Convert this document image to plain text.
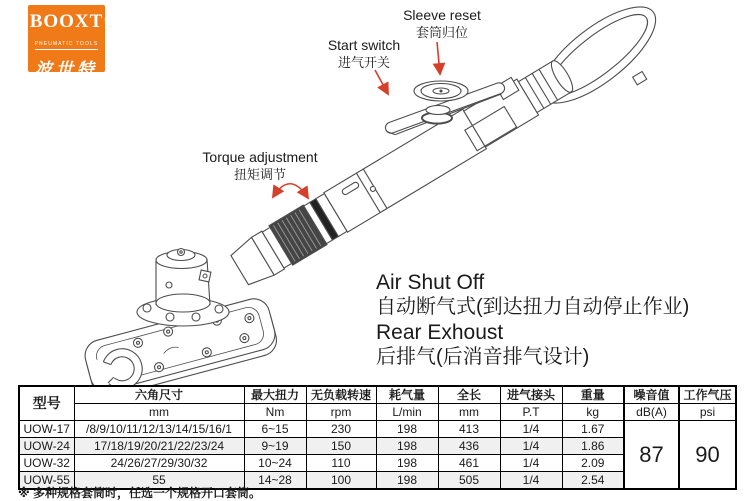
BOOXT ®
PNEUMATIC TOOLS
波世特
Sleeve reset
套筒归位
Start switch
进气开关
Torque adjustment
扭矩调节
Air Shut Off
自动断气式(到达扭力自动停止作业)
Rear Exhoust
后排气(后消音排气设计)
型号	六角尺寸	最大扭力	无负载转速	耗气量	全长	进气接头	重量	噪音值	工作气压
	mm	Nm	rpm	L/min	mm	P.T	kg	dB(A)	psi
UOW-17	/8/9/10/11/12/13/14/15/16/1	6~15	230	198	413	1/4	1.67	87	90
UOW-24	17/18/19/20/21/22/23/24	9~19	150	198	436	1/4	1.86		
UOW-32	24/26/27/29/30/32	10~24	110	198	461	1/4	2.09		
UOW-55	55	14~28	100	198	505	1/4	2.54		
※ 多种规格套筒时，任选一个规格开口套筒。
